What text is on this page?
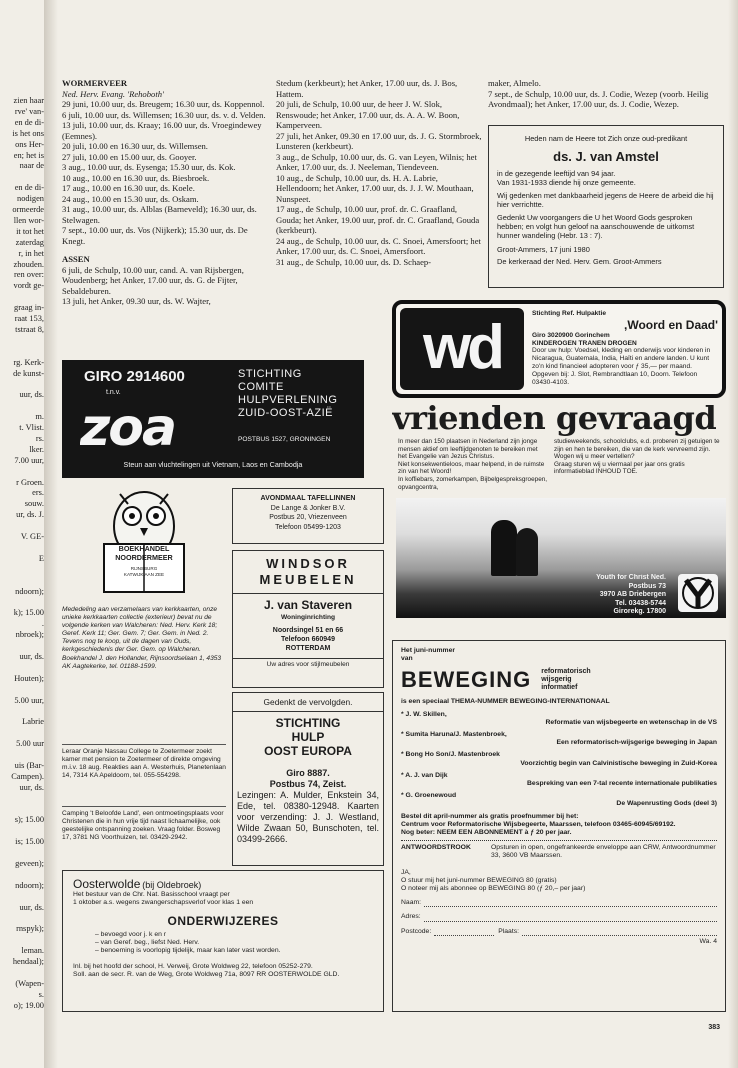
zien haar
rve' van-
en de di-
is het ons
ons Her-
en; het is
naar de
en de di-
nodigen
ormeerde
llen wor-
it tot het
zaterdag
r, in het
zhouden.
ren over:
vordt ge-
graag in-
raat 153,
tstraat 8,
rg. Kerk-
de kunst-
uur, ds.
m.
t. Vlist.
rs.
lker.
7.00 uur,
r Groen.
ers.
souw.
ur, ds. J.
V. GE-
E
ndoorn);
k); 15.00
.
nbroek);
uur, ds.
Houten);
5.00 uur,
Labrie
5.00 uur
uis (Bar-
Campen).
uur, ds.
s); 15.00
is; 15.00
geveen);
ndoorn);
uur, ds.
rnspyk);
leman.
hendaal);
(Wapen-
s.
o); 19.00

WORMERVEER

Ned. Herv. Evang. 'Rehoboth'

29 juni, 10.00 uur, ds. Breugem; 16.30 uur, ds. Koppennol.

6 juli, 10.00 uur, ds. Willemsen; 16.30 uur, ds. v. d. Velden.

13 juli, 10.00 uur, ds. Kraay; 16.00 uur, ds. Vroegindewey (Eemnes).

20 juli, 10.00 en 16.30 uur, ds. Willemsen.

27 juli, 10.00 en 15.00 uur, ds. Gooyer.

3 aug., 10.00 uur, ds. Eysenga; 15.30 uur, ds. Kok.

10 aug., 10.00 en 16.30 uur, ds. Biesbroek.

17 aug., 10.00 en 16.30 uur, ds. Koele.

24 aug., 10.00 en 15.30 uur, ds. Oskam.

31 aug., 10.00 uur, ds. Alblas (Barneveld); 16.30 uur, ds. Stelwagen.

7 sept., 10.00 uur, ds. Vos (Nijkerk); 15.30 uur, ds. De Knegt.

ASSEN

6 juli, de Schulp, 10.00 uur, cand. A. van Rijsbergen, Woudenberg; het Anker, 17.00 uur, ds. G. de Fijter, Sebaldeburen.

13 juli, het Anker, 09.30 uur, ds. W. Wajter,

Stedum (kerkbeurt); het Anker, 17.00 uur, ds. J. Bos, Hattem.

20 juli, de Schulp, 10.00 uur, de heer J. W. Slok, Renswoude; het Anker, 17.00 uur, ds. A. A. W. Boon, Kamperveen.

27 juli, het Anker, 09.30 en 17.00 uur, ds. J. G. Stormbroek, Lunsteren (kerkbeurt).

3 aug., de Schulp, 10.00 uur, ds. G. van Leyen, Wilnis; het Anker, 17.00 uur, ds. J. Neeleman, Tiendeveen.

10 aug., de Schulp, 10.00 uur, ds. H. A. Labrie, Hellendoorn; het Anker, 17.00 uur, ds. J. J. W. Mouthaan, Nunspeet.

17 aug., de Schulp, 10.00 uur, prof. dr. C. Graafland, Gouda; het Anker, 19.00 uur, prof. dr. C. Graafland, Gouda (kerkbeurt).

24 aug., de Schulp, 10.00 uur, ds. C. Snoei, Amersfoort; het Anker, 17.00 uur, ds. C. Snoei, Amersfoort.

31 aug., de Schulp, 10.00 uur, ds. D. Schaep-

maker, Almelo.

7 sept., de Schulp, 10.00 uur, ds. J. Codie, Wezep (voorb. Heilig Avondmaal); het Anker, 17.00 uur, ds. J. Codie, Wezep.

Heden nam de Heere tot Zich onze oud-predikant
ds. J. van Amstel
in de gezegende leeftijd van 94 jaar.
Van 1931-1933 diende hij onze gemeente.
Wij gedenken met dankbaarheid jegens de Heere de arbeid die hij hier verrichtte.
Gedenkt Uw voorgangers die U het Woord Gods gesproken hebben; en volgt hun geloof na aanschouwende de uitkomst hunner wandeling (Hebr. 13 : 7).
Groot-Ammers, 17 juni 1980
De kerkeraad der Ned. Herv. Gem. Groot-Ammers
wd	Stichting Ref. Hulpaktie
,Woord en Daad'
Giro 3020900 Gorinchem
KINDEROGEN TRANEN DROGEN
Door uw hulp: Voedsel, kleding en onderwijs voor kinderen in Nicaragua, Guatemala, India, Haïti en andere landen. U kunt zo'n kind financieel adopteren voor ƒ 35,— per maand. Opgeven bij: J. Slot, Rembrandtlaan 10, Doorn. Telefoon 03430-4103.
vrienden gevraagd
In meer dan 150 plaatsen in Nederland zijn jonge mensen aktief om leeftijdgenoten te bereiken met het Evangelie van Jezus Christus.
Niet konsekwentieloos, maar helpend, in de ruimste zin van het Woord!
In koffiebars, zomerkampen, Bijbelgespreksgroepen, opvangcentra,
studieweekends, schoolclubs, e.d. proberen zij getuigen te zijn en hen te bereiken, die van de kerk vervreemd zijn.
Wogen wij u meer vertellen?
Graag sturen wij u viermaal per jaar ons gratis informatieblad INHOUD TOE.
Youth for Christ Ned.
Postbus 73
3970 AB Driebergen
Tel. 03438-5744
Girorekg. 17800
GIRO 2914600
t.n.v.
zoa
STICHTING
COMITE
HULPVERLENING
ZUID-OOST-AZIË
POSTBUS 1527, GRONINGEN
Steun aan vluchtelingen uit Vietnam, Laos en Cambodja
BOEKHANDEL
NOORDERMEER
RIJNSBURG
KATWIJK AAN ZEE
Mededeling aan verzamelaars van kerkkaarten, onze unieke kerkkaarten collectie (exterieur) bevat nu de volgende kerken van Walcheren: Ned. Herv. Kerk 18; Geref. Kerk 11; Ger. Gem. 7; Ger. Gem. in Ned. 2. Tevens nog te koop, uit de dagen van Ouds, kerkgeschiedenis der Ger. Gem. op Walcheren.
Boekhandel J. den Hollander, Rijnsoordselaan 1, 4353 AK Aagtekerke, tel. 01188-1599.
Leraar Oranje Nassau College te Zoetermeer zoekt kamer met pension te Zoetermeer of direkte omgeving m.i.v. 18 aug. Reakties aan A. Westerhuis, Planetenlaan 14, 7314 KA Apeldoorn, tel. 055-554298.
Camping 't Beloofde Land', een ontmoetingsplaats voor Christenen die in hun vrije tijd naast lichaamelijke, ook geestelijke ontspanning zoeken. Vraag folder. Bosweg 17, 3781 NG Voorthuizen, tel. 03429-2942.
AVONDMAAL TAFELLINNEN
De Lange & Jonker B.V.
Postbus 20, Vriezenveen
Telefoon 05499-1203
WINDSOR
MEUBELEN
J. van Staveren
Woninginrichting
Noordsingel 51 en 66
Telefoon 660949
ROTTERDAM
Uw adres voor stijlmeubelen
Gedenkt de vervolgden.
STICHTING
HULP
OOST EUROPA
Giro 8887.
Postbus 74, Zeist.
Lezingen: A. Mulder, Enkstein 34, Ede, tel. 08380-12948. Kaarten voor verzending: J. J. Westland, Wilde Zwaan 50, Bunschoten, tel. 03499-2666.
Oosterwolde (bij Oldebroek)
Het bestuur van de Chr. Nat. Basisschool vraagt per
1 oktober a.s. wegens zwangerschapsverlof voor klas 1 een
ONDERWIJZERES
– bevoegd voor j. k en r
– van Geref. beg., liefst Ned. Herv.
– benoeming is voorlopig tijdelijk, maar kan later vast worden.
Inl. bij het hoofd der school, H. Verweij, Grote Woldweg 22, telefoon 05252-279.
Soll. aan de secr. R. van de Weg, Grote Woldweg 71a, 8097 RR OOSTERWOLDE GLD.
Het juni-nummer
van
BEWEGING reformatorisch
wijsgerig
informatief
is een speciaal THEMA-NUMMER BEWEGING-INTERNATIONAAL
* J. W. Skillen,
Reformatie van wijsbegeerte en wetenschap in de VS
* Sumita Haruna/J. Mastenbroek,
Een reformatorisch-wijsgerige beweging in Japan
* Bong Ho Son/J. Mastenbroek
Voorzichtig begin van Calvinistische beweging in Zuid-Korea
* A. J. van Dijk
Bespreking van een 7-tal recente internationale publikaties
* G. Groenewoud
De Wapenrusting Gods (deel 3)
Bestel dit april-nummer als gratis proefnummer bij het:
Centrum voor Reformatorische Wijsbegeerte, Maarssen, telefoon 03465-60945/69192.
Nog beter: NEEM EEN ABONNEMENT à ƒ 20 per jaar.
ANTWOORDSTROOK	Opsturen in open, ongefrankeerde enveloppe aan CRW, Antwoordnummer 33, 3600 VB Maarssen.
JA,
O stuur mij het juni-nummer BEWEGING 80 (gratis)
O noteer mij als abonnee op BEWEGING 80 (ƒ 20,– per jaar)
Naam:
Adres:
Postcode:	Plaats:
Wa. 4
383
